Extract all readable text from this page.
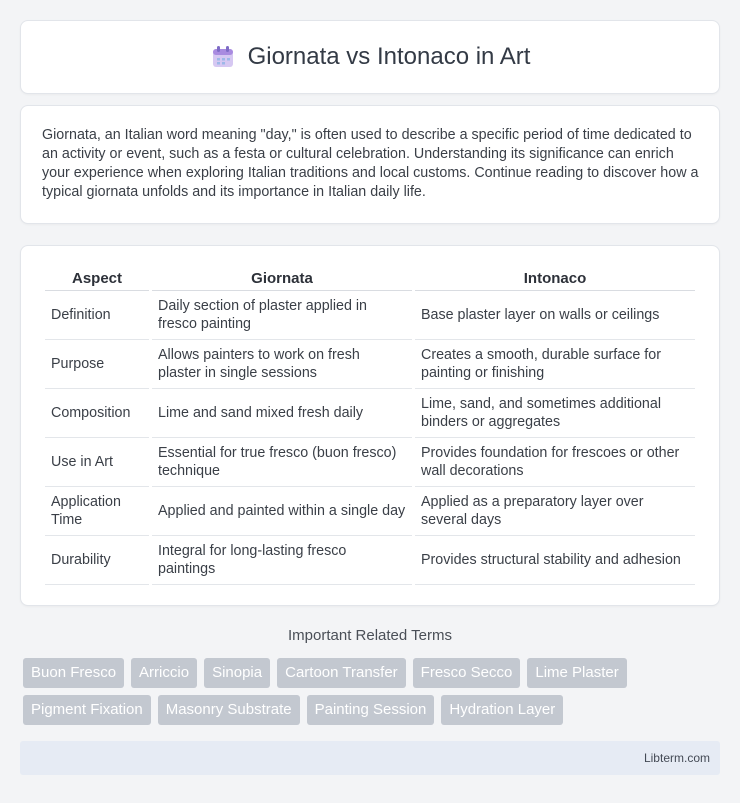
Giornata vs Intonaco in Art

Giornata, an Italian word meaning "day," is often used to describe a specific period of time dedicated to an activity or event, such as a festa or cultural celebration. Understanding its significance can enrich your experience when exploring Italian traditions and local customs. Continue reading to discover how a typical giornata unfolds and its importance in Italian daily life.

Aspect	Giornata	Intonaco
Definition	Daily section of plaster applied in fresco painting	Base plaster layer on walls or ceilings
Purpose	Allows painters to work on fresh plaster in single sessions	Creates a smooth, durable surface for painting or finishing
Composition	Lime and sand mixed fresh daily	Lime, sand, and sometimes additional binders or aggregates
Use in Art	Essential for true fresco (buon fresco) technique	Provides foundation for frescoes or other wall decorations
Application Time	Applied and painted within a single day	Applied as a preparatory layer over several days
Durability	Integral for long-lasting fresco paintings	Provides structural stability and adhesion
Important Related Terms
Buon Fresco	Arriccio	Sinopia	Cartoon Transfer	Fresco Secco	Lime Plaster
Pigment Fixation	Masonry Substrate	Painting Session	Hydration Layer
Libterm.com
